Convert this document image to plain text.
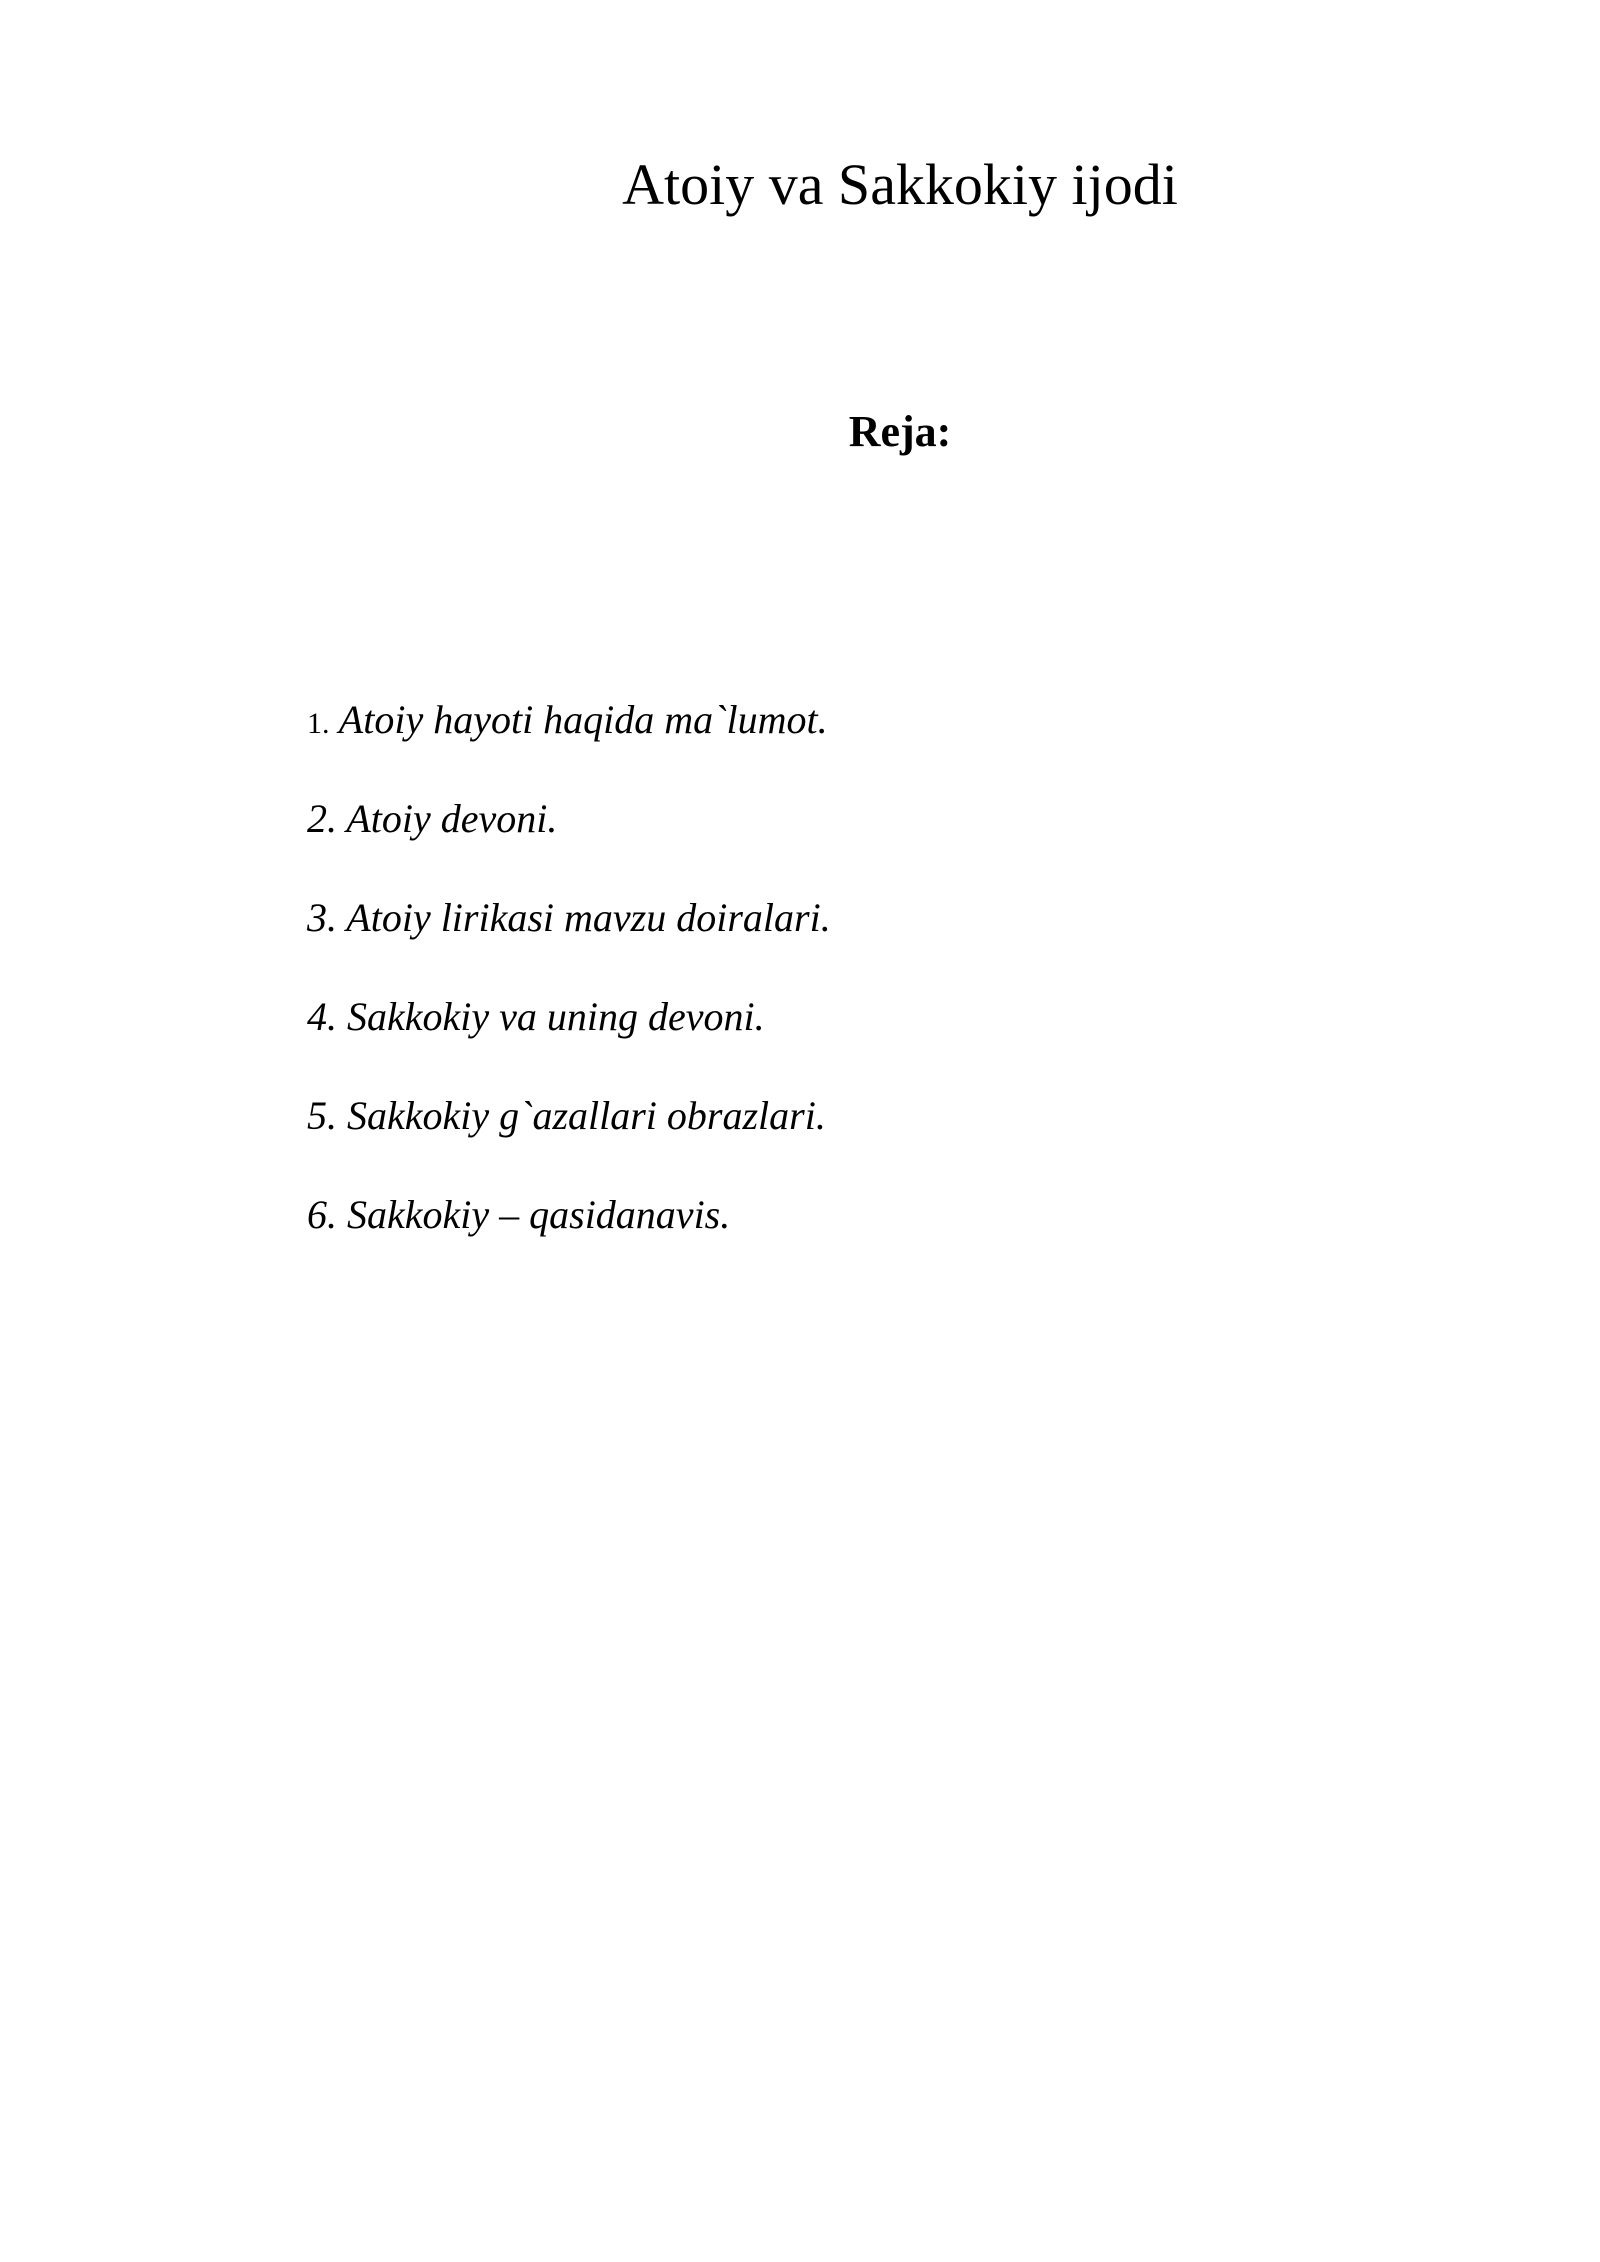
Atoiy va Sakkokiy ijodi
Reja:
1. Atoiy hayoti haqida ma`lumot.
2. Atoiy devoni.
3. Atoiy lirikasi mavzu doiralari.
4. Sakkokiy va uning devoni.
5. Sakkokiy g`azallari obrazlari.
6. Sakkokiy – qasidanavis.
